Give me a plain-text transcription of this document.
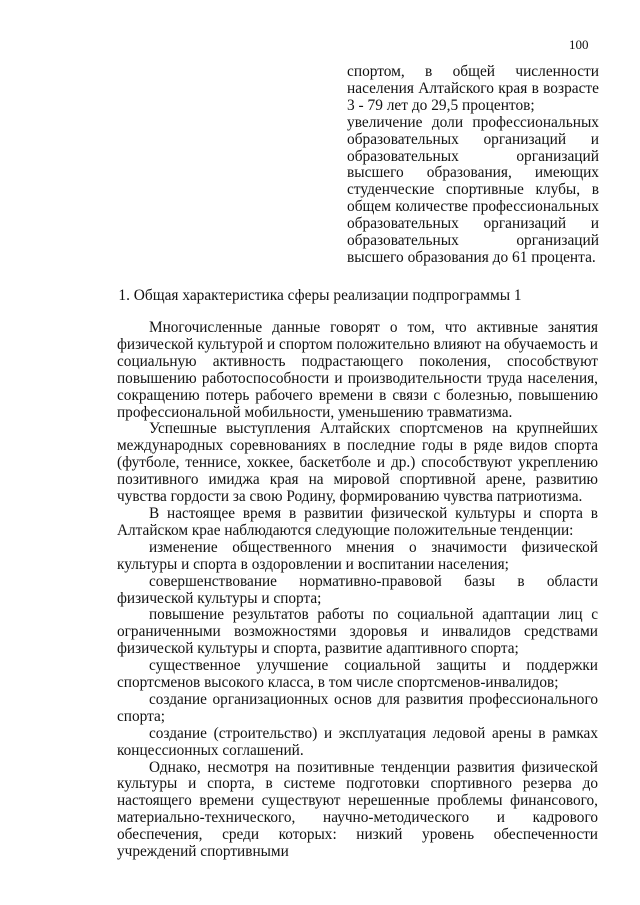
100

спортом, в общей численности населения Алтайского края в возрасте 3 - 79 лет до 29,5 процентов;

увеличение доли профессиональных образовательных организаций и образовательных организаций высшего образования, имеющих студенческие спортивные клубы, в общем количестве профессиональных образовательных организаций и образовательных организаций высшего образования до 61 процента.

1. Общая характеристика сферы реализации подпрограммы 1

Многочисленные данные говорят о том, что активные занятия физической культурой и спортом положительно влияют на обучаемость и социальную активность подрастающего поколения, способствуют повышению работоспособности и производительности труда населения, сокращению потерь рабочего времени в связи с болезнью, повышению профессиональной мобильности, уменьшению травматизма.

Успешные выступления Алтайских спортсменов на крупнейших международных соревнованиях в последние годы в ряде видов спорта (футболе, теннисе, хоккее, баскетболе и др.) способствуют укреплению позитивного имиджа края на мировой спортивной арене, развитию чувства гордости за свою Родину, формированию чувства патриотизма.

В настоящее время в развитии физической культуры и спорта в Алтайском крае наблюдаются следующие положительные тенденции:

изменение общественного мнения о значимости физической культуры и спорта в оздоровлении и воспитании населения;

совершенствование нормативно-правовой базы в области физической культуры и спорта;

повышение результатов работы по социальной адаптации лиц с ограниченными возможностями здоровья и инвалидов средствами физической культуры и спорта, развитие адаптивного спорта;

существенное улучшение социальной защиты и поддержки спортсменов высокого класса, в том числе спортсменов-инвалидов;

создание организационных основ для развития профессионального спорта;

создание (строительство) и эксплуатация ледовой арены в рамках концессионных соглашений.

Однако, несмотря на позитивные тенденции развития физической культуры и спорта, в системе подготовки спортивного резерва до настоящего времени существуют нерешенные проблемы финансового, материально-технического, научно-методического и кадрового обеспечения, среди которых: низкий уровень обеспеченности учреждений спортивными
